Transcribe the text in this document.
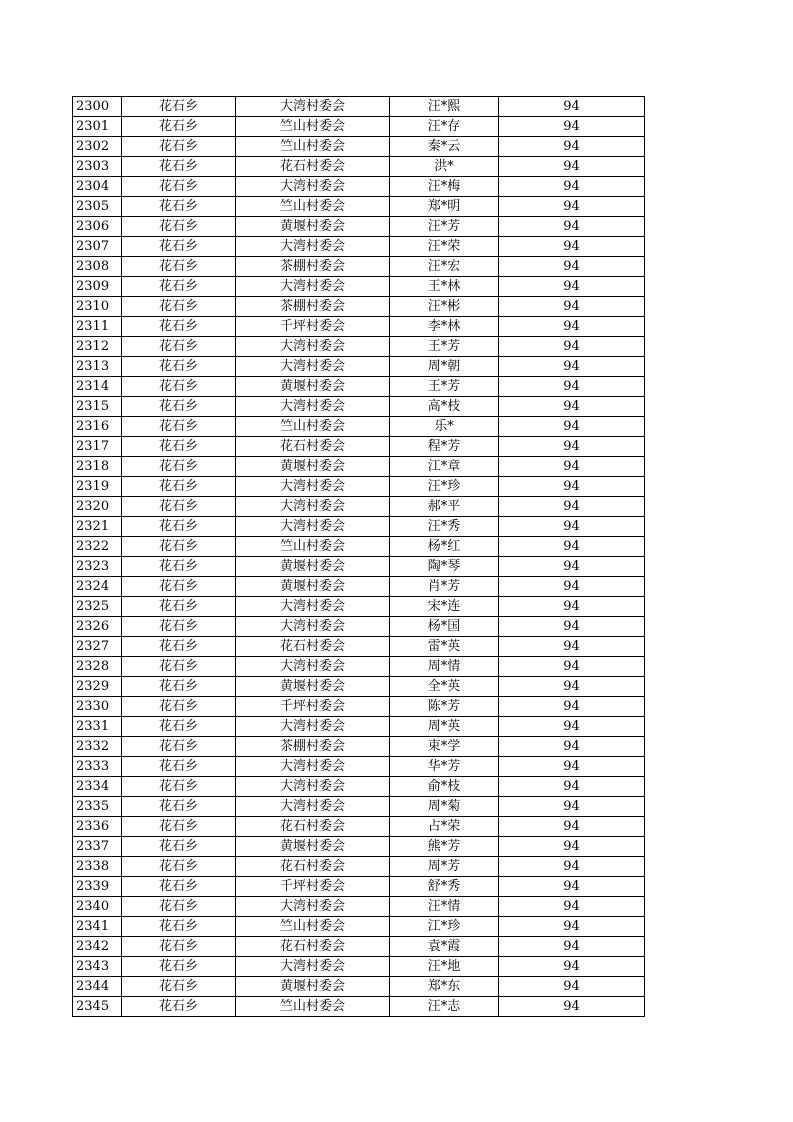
2300	花石乡	大湾村委会	汪*熙	94
2301	花石乡	竺山村委会	汪*存	94
2302	花石乡	竺山村委会	秦*云	94
2303	花石乡	花石村委会	洪*	94
2304	花石乡	大湾村委会	汪*梅	94
2305	花石乡	竺山村委会	郑*明	94
2306	花石乡	黄堰村委会	汪*芳	94
2307	花石乡	大湾村委会	汪*荣	94
2308	花石乡	茶棚村委会	汪*宏	94
2309	花石乡	大湾村委会	王*林	94
2310	花石乡	茶棚村委会	汪*彬	94
2311	花石乡	千坪村委会	李*林	94
2312	花石乡	大湾村委会	王*芳	94
2313	花石乡	大湾村委会	周*朝	94
2314	花石乡	黄堰村委会	王*芳	94
2315	花石乡	大湾村委会	高*枝	94
2316	花石乡	竺山村委会	乐*	94
2317	花石乡	花石村委会	程*芳	94
2318	花石乡	黄堰村委会	江*章	94
2319	花石乡	大湾村委会	汪*珍	94
2320	花石乡	大湾村委会	郝*平	94
2321	花石乡	大湾村委会	汪*秀	94
2322	花石乡	竺山村委会	杨*红	94
2323	花石乡	黄堰村委会	陶*琴	94
2324	花石乡	黄堰村委会	肖*芳	94
2325	花石乡	大湾村委会	宋*连	94
2326	花石乡	大湾村委会	杨*国	94
2327	花石乡	花石村委会	雷*英	94
2328	花石乡	大湾村委会	周*情	94
2329	花石乡	黄堰村委会	全*英	94
2330	花石乡	千坪村委会	陈*芳	94
2331	花石乡	大湾村委会	周*英	94
2332	花石乡	茶棚村委会	束*学	94
2333	花石乡	大湾村委会	华*芳	94
2334	花石乡	大湾村委会	俞*枝	94
2335	花石乡	大湾村委会	周*菊	94
2336	花石乡	花石村委会	占*荣	94
2337	花石乡	黄堰村委会	熊*芳	94
2338	花石乡	花石村委会	周*芳	94
2339	花石乡	千坪村委会	舒*秀	94
2340	花石乡	大湾村委会	汪*情	94
2341	花石乡	竺山村委会	江*珍	94
2342	花石乡	花石村委会	袁*霞	94
2343	花石乡	大湾村委会	汪*地	94
2344	花石乡	黄堰村委会	郑*东	94
2345	花石乡	竺山村委会	汪*志	94
